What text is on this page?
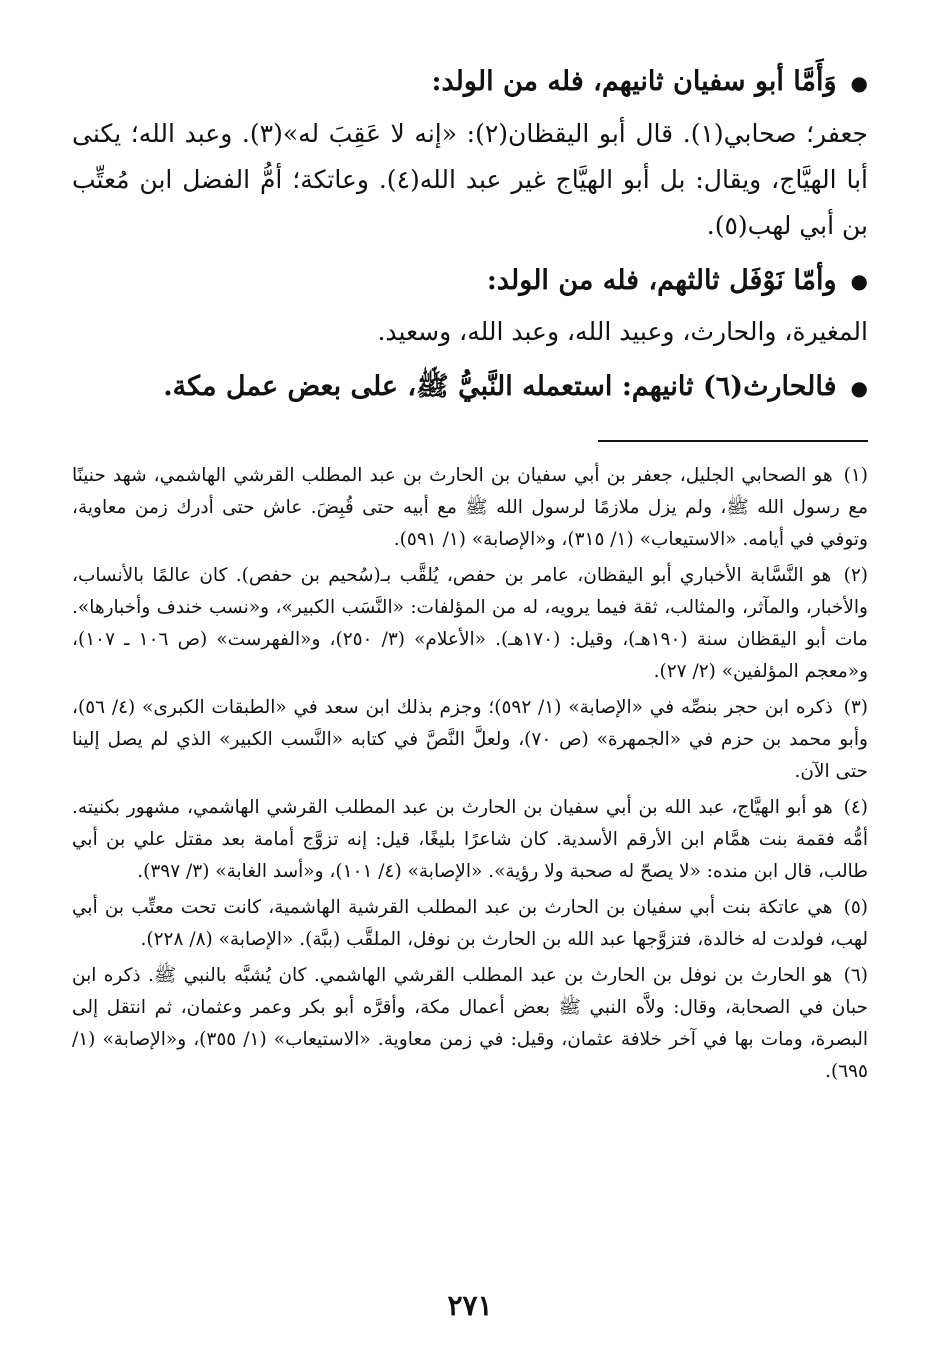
●وَأَمَّا أبو سفيان ثانيهم، فله من الولد:

جعفر؛ صحابي(١). قال أبو اليقظان(٢): «إنه لا عَقِبَ له»(٣). وعبد الله؛ يكنى أبا الهيَّاج، ويقال: بل أبو الهيَّاج غير عبد الله(٤). وعاتكة؛ أمُّ الفضل ابن مُعتِّب بن أبي لهب(٥).

●وأمّا نَوْفَل ثالثهم، فله من الولد:

المغيرة، والحارث، وعبيد الله، وعبد الله، وسعيد.

●فالحارث(٦) ثانيهم: استعمله النَّبيُّ ﷺ، على بعض عمل مكة.

(١) هو الصحابي الجليل، جعفر بن أبي سفيان بن الحارث بن عبد المطلب القرشي الهاشمي، شهد حنينًا مع رسول الله ﷺ، ولم يزل ملازمًا لرسول الله ﷺ مع أبيه حتى قُبِضَ. عاش حتى أدرك زمن معاوية، وتوفي في أيامه. «الاستيعاب» (١/ ٣١٥)، و«الإصابة» (١/ ٥٩١).

(٢) هو النَّسَّابة الأخباري أبو اليقظان، عامر بن حفص، يُلقَّب بـ(سُحيم بن حفص). كان عالمًا بالأنساب، والأخبار، والمآثر، والمثالب، ثقة فيما يرويه، له من المؤلفات: «النَّسَب الكبير»، و«نسب خندف وأخبارها». مات أبو اليقظان سنة (١٩٠هـ)، وقيل: (١٧٠هـ). «الأعلام» (٣/ ٢٥٠)، و«الفهرست» (ص ١٠٦ ـ ١٠٧)، و«معجم المؤلفين» (٢/ ٢٧).

(٣) ذكره ابن حجر بنصِّه في «الإصابة» (١/ ٥٩٢)؛ وجزم بذلك ابن سعد في «الطبقات الكبرى» (٤/ ٥٦)، وأبو محمد بن حزم في «الجمهرة» (ص ٧٠)، ولعلَّ النَّصَّ في كتابه «النَّسب الكبير» الذي لم يصل إلينا حتى الآن.

(٤) هو أبو الهيَّاج، عبد الله بن أبي سفيان بن الحارث بن عبد المطلب القرشي الهاشمي، مشهور بكنيته. أمُّه فقمة بنت همَّام ابن الأرقم الأسدية. كان شاعرًا بليغًا، قيل: إنه تزوَّج أمامة بعد مقتل علي بن أبي طالب، قال ابن منده: «لا يصحّ له صحبة ولا رؤية». «الإصابة» (٤/ ١٠١)، و«أسد الغابة» (٣/ ٣٩٧).

(٥) هي عاتكة بنت أبي سفيان بن الحارث بن عبد المطلب القرشية الهاشمية، كانت تحت معتِّب بن أبي لهب، فولدت له خالدة، فتزوَّجها عبد الله بن الحارث بن نوفل، الملقَّب (ببَّة). «الإصابة» (٨/ ٢٢٨).

(٦) هو الحارث بن نوفل بن الحارث بن عبد المطلب القرشي الهاشمي. كان يُشبَّه بالنبي ﷺ. ذكره ابن حبان في الصحابة، وقال: ولاَّه النبي ﷺ بعض أعمال مكة، وأقرَّه أبو بكر وعمر وعثمان، ثم انتقل إلى البصرة، ومات بها في آخر خلافة عثمان، وقيل: في زمن معاوية. «الاستيعاب» (١/ ٣٥٥)، و«الإصابة» (١/ ٦٩٥).

٢٧١
